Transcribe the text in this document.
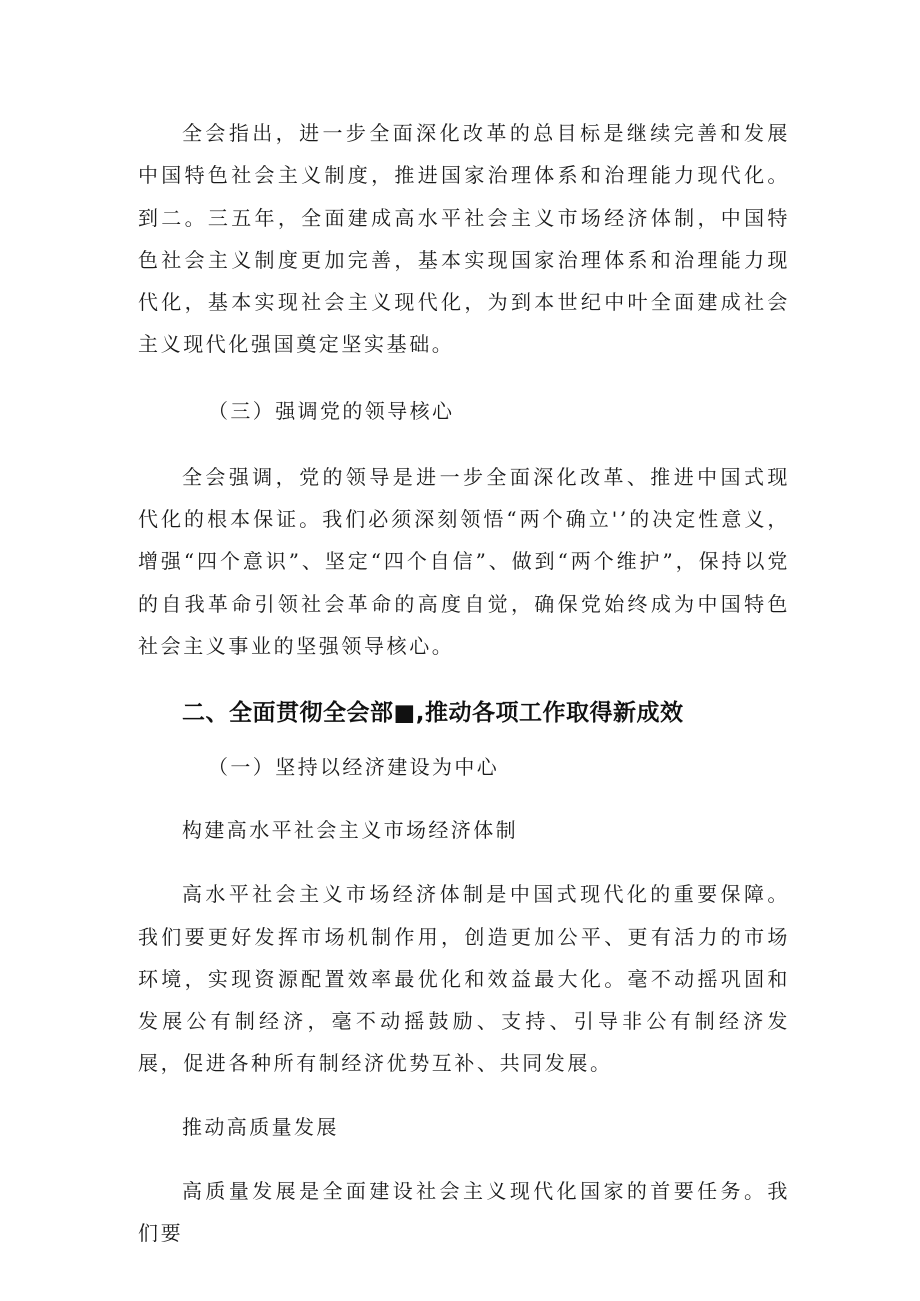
全会指出，进一步全面深化改革的总目标是继续完善和发展中国特色社会主义制度，推进国家治理体系和治理能力现代化。到二。三五年，全面建成高水平社会主义市场经济体制，中国特色社会主义制度更加完善，基本实现国家治理体系和治理能力现代化，基本实现社会主义现代化，为到本世纪中叶全面建成社会主义现代化强国奠定坚实基础。

（三）强调党的领导核心

全会强调，党的领导是进一步全面深化改革、推进中国式现代化的根本保证。我们必须深刻领悟“两个确立'’的决定性意义，增强“四个意识”、坚定“四个自信”、做到“两个维护”，保持以党的自我革命引领社会革命的高度自觉，确保党始终成为中国特色社会主义事业的坚强领导核心。

二、全面贯彻全会部■,推动各项工作取得新成效

（一）坚持以经济建设为中心

构建高水平社会主义市场经济体制

高水平社会主义市场经济体制是中国式现代化的重要保障。我们要更好发挥市场机制作用，创造更加公平、更有活力的市场环境，实现资源配置效率最优化和效益最大化。毫不动摇巩固和发展公有制经济，毫不动摇鼓励、支持、引导非公有制经济发展，促进各种所有制经济优势互补、共同发展。

推动高质量发展

高质量发展是全面建设社会主义现代化国家的首要任务。我们要
